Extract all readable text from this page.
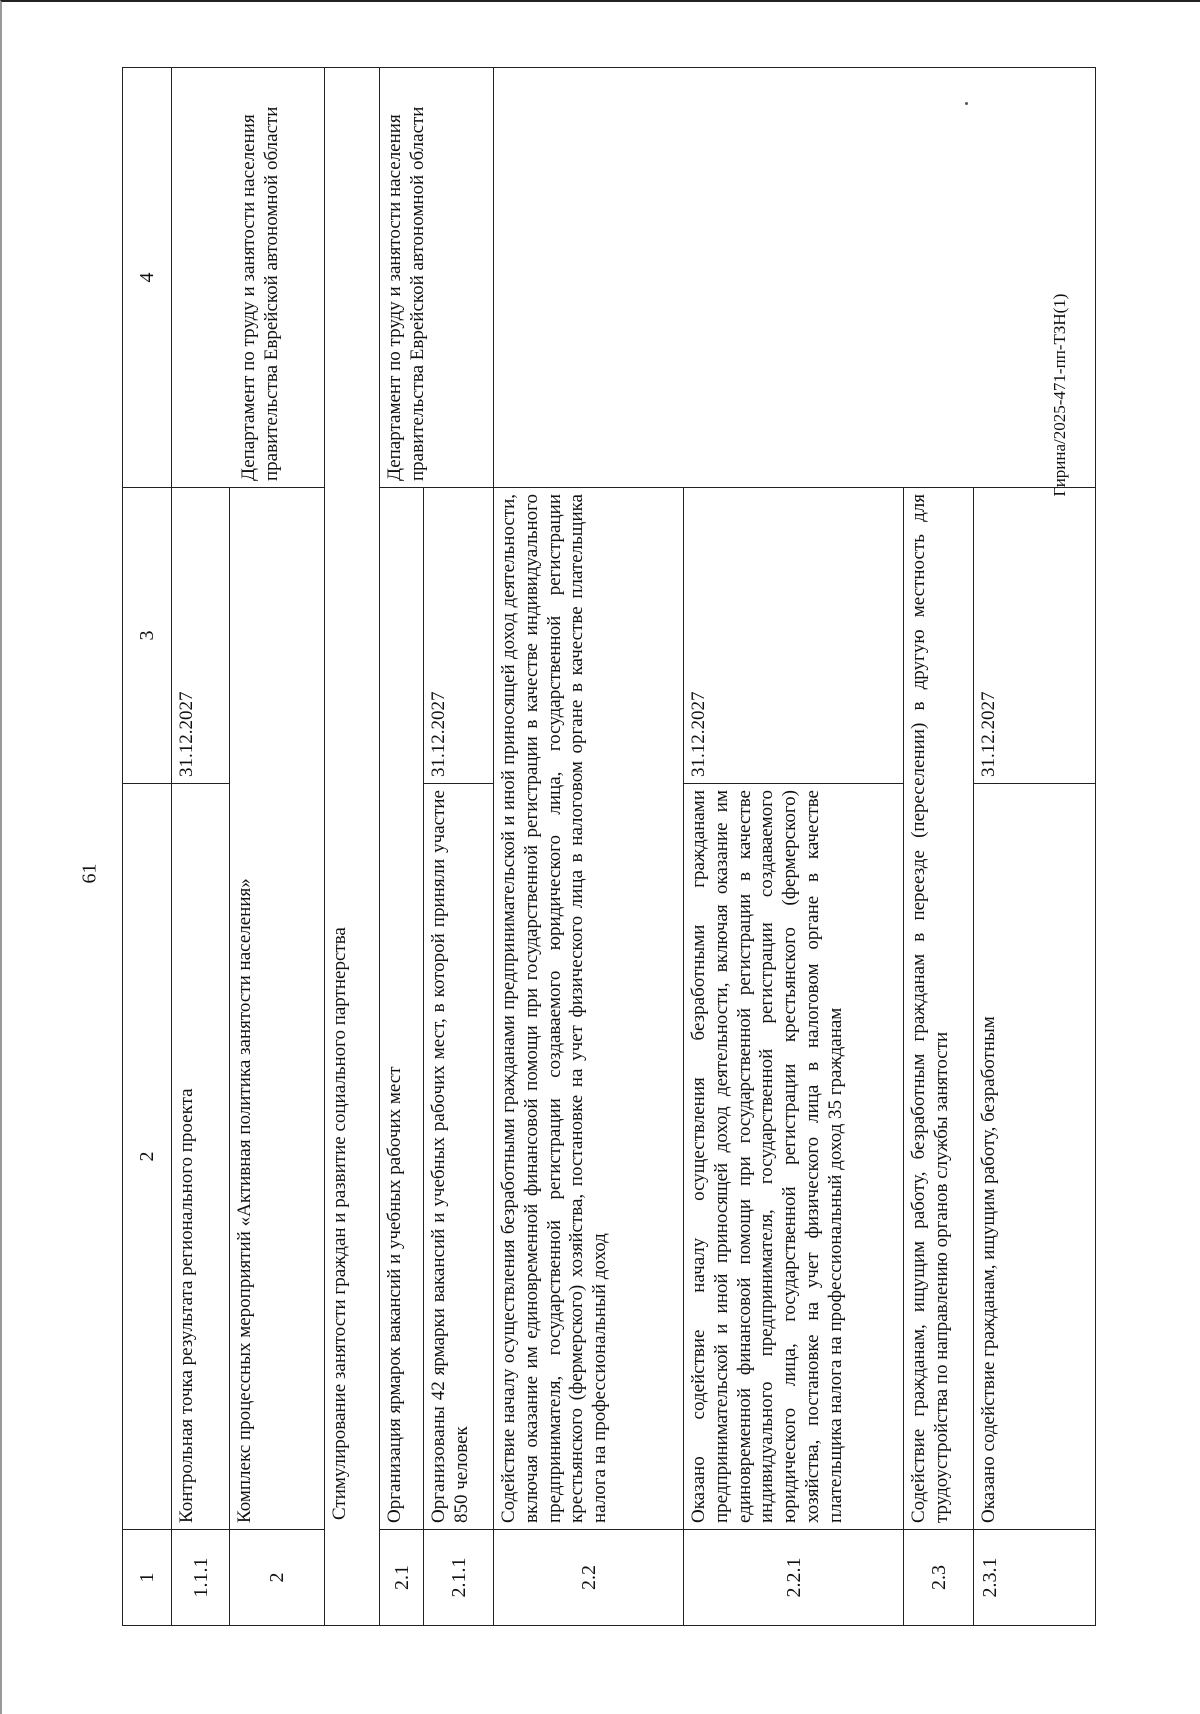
61
Гирина/2025-471-пп-ТЗН(1)
1	2	3	4
1.1.1	Контрольная точка результата регионального проекта	31.12.2027	Департамент по труду и занятости населения правительства Еврейской автономной области
2	Комплекс процессных мероприятий «Активная политика занятости населения»		
Стимулирование занятости граждан и развитие социального партнерства			
2.1	Организация ярмарок вакансий и учебных рабочих мест		Департамент по труду и занятости населения правительства Еврейской автономной области
2.1.1	Организованы 42 ярмарки вакансий и учебных рабочих мест, в которой приняли участие 850 человек	31.12.2027	
2.2	Содействие началу осуществления безработными гражданами предпринимательской и иной приносящей доход деятельности, включая оказание им единовременной финансовой помощи при государственной регистрации в качестве индивидуального предпринимателя, государственной регистрации создаваемого юридического лица, государственной регистрации крестьянского (фермерского) хозяйства, постановке на учет физического лица в налоговом органе в качестве плательщика налога на профессиональный доход		
2.2.1	Оказано содействие началу осуществления безработными гражданами предпринимательской и иной приносящей доход деятельности, включая оказание им единовременной финансовой помощи при государственной регистрации в качестве индивидуального предпринимателя, государственной регистрации создаваемого юридического лица, государственной регистрации крестьянского (фермерского) хозяйства, постановке на учет физического лица в налоговом органе в качестве плательщика налога на профессиональный доход 35 гражданам	31.12.2027	
2.3	Содействие гражданам, ищущим работу, безработным гражданам в переезде (переселении) в другую местность для трудоустройства по направлению органов службы занятости		
2.3.1	Оказано содействие гражданам, ищущим работу, безработным	31.12.2027	
